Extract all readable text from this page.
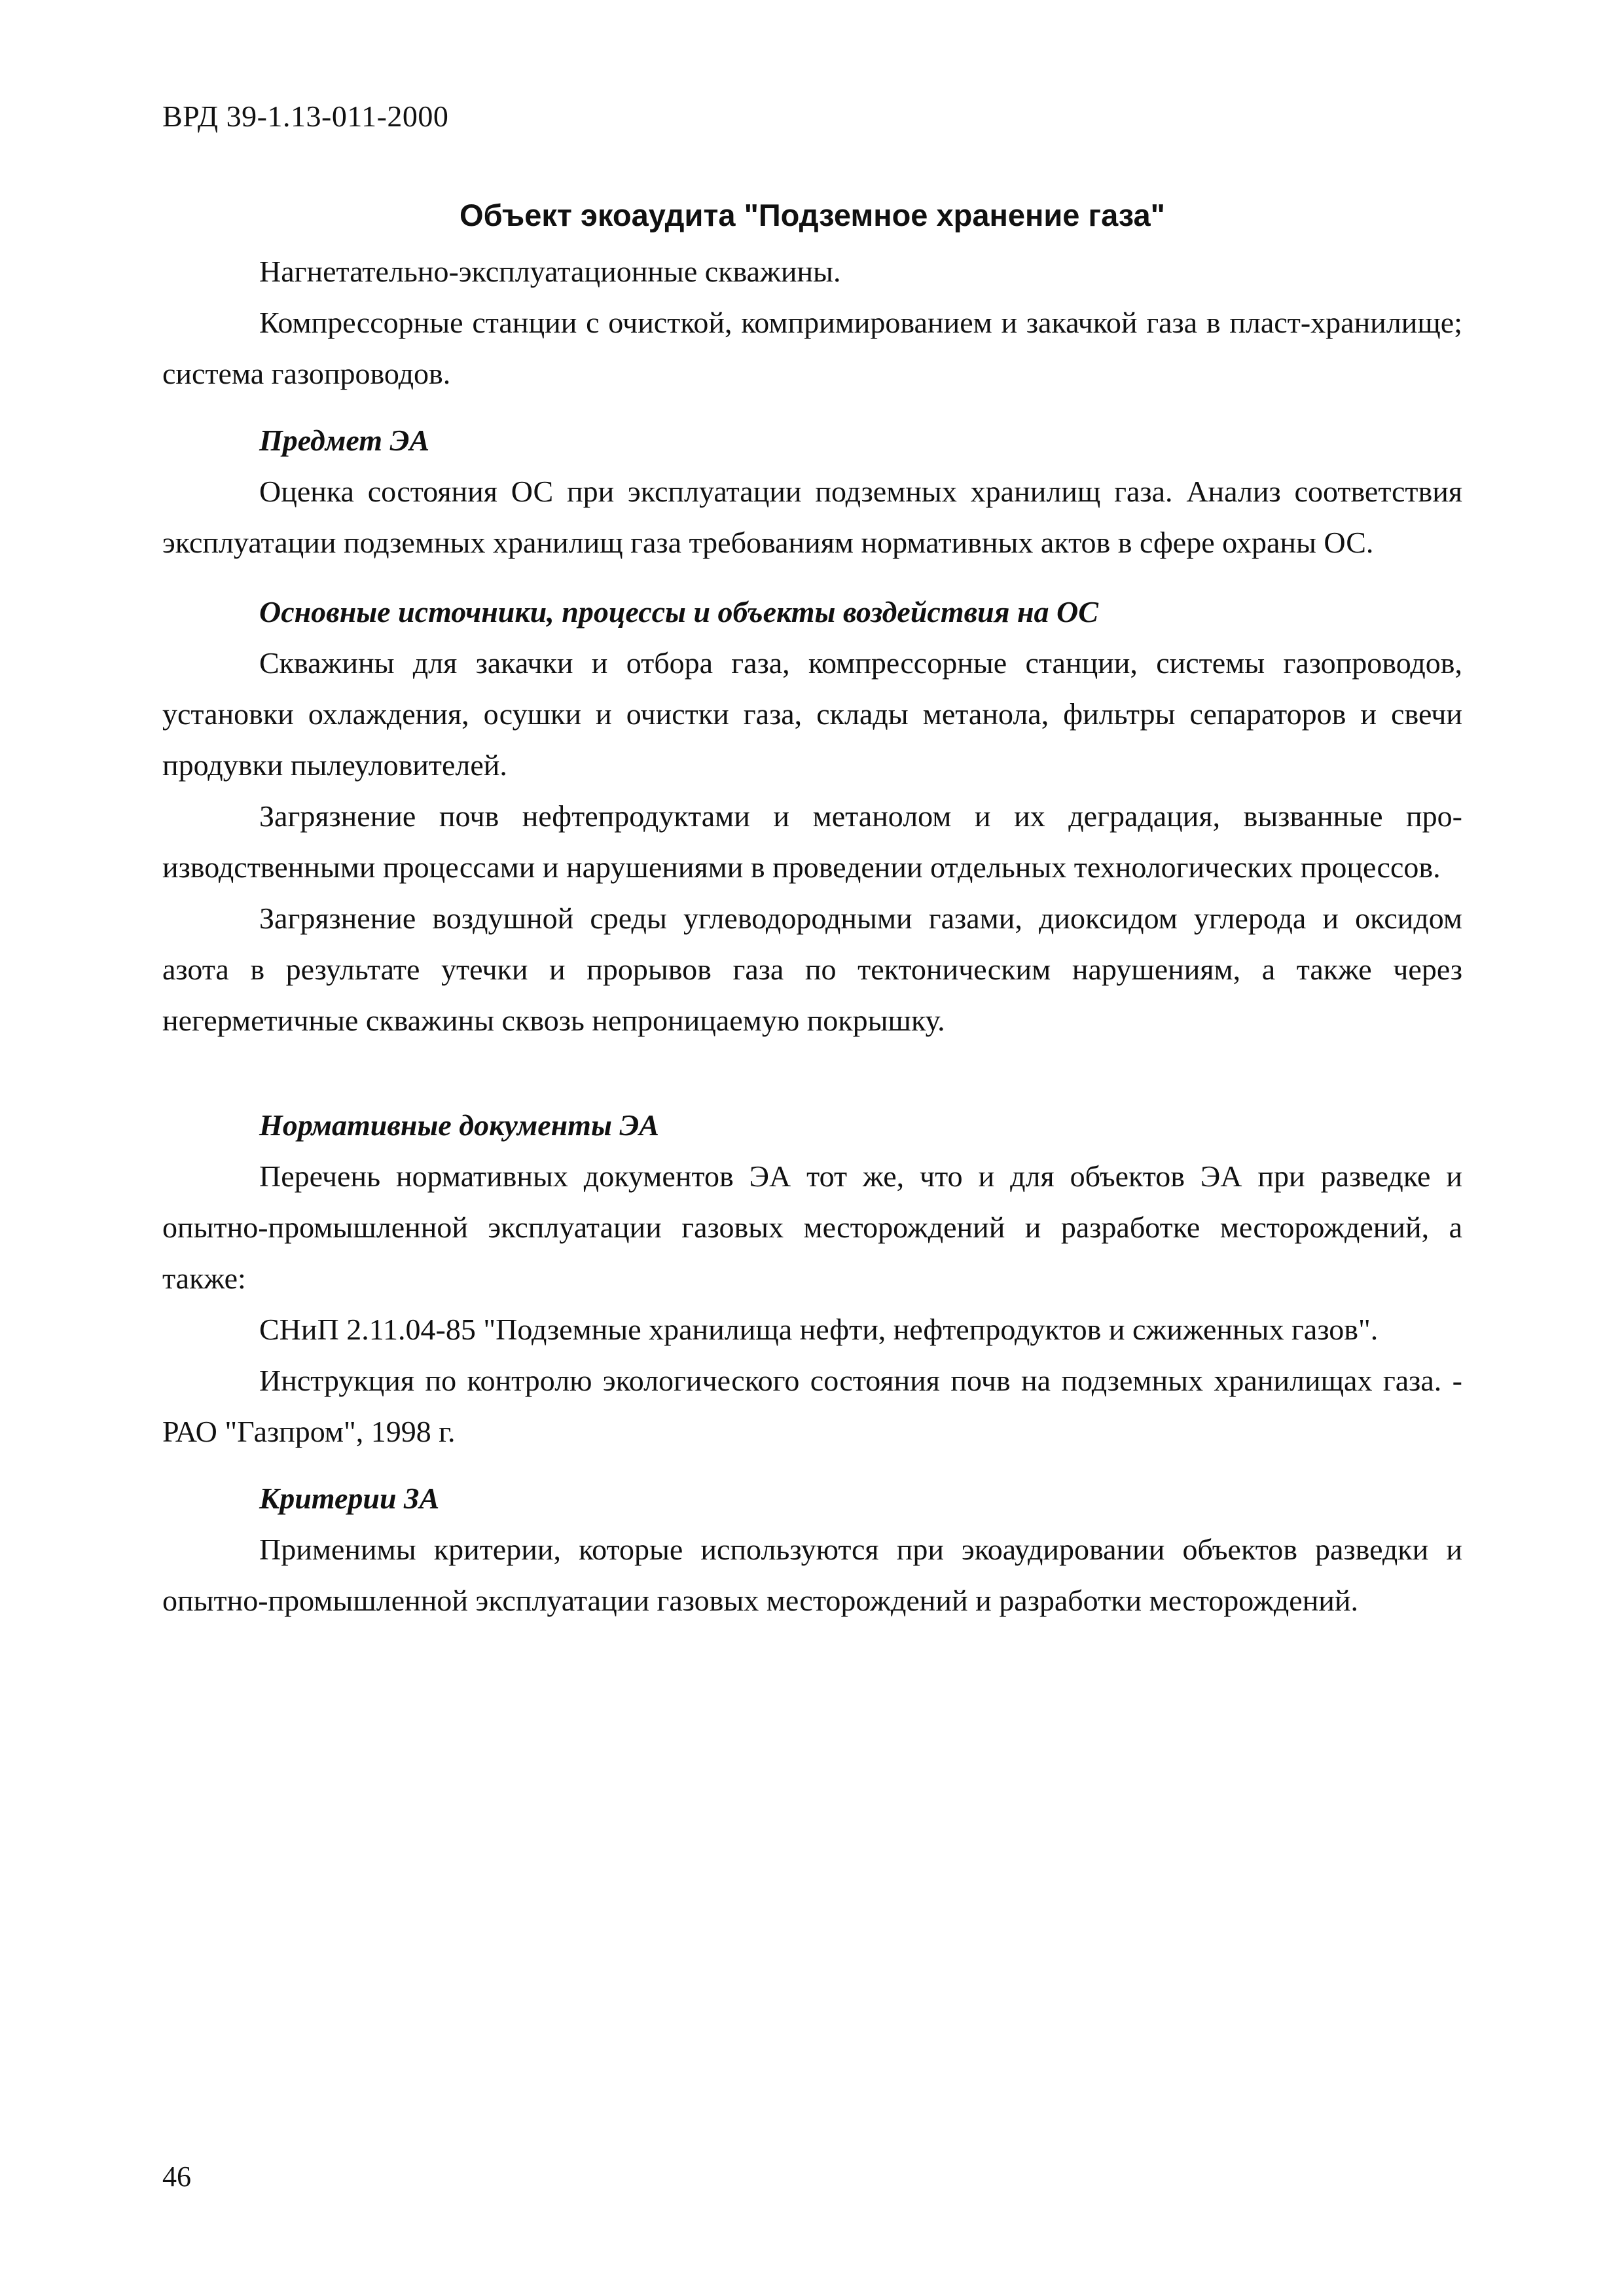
ВРД 39-1.13-011-2000
Объект экоаудита "Подземное хранение газа"

Нагнетательно-эксплуатационные скважины.

Компрессорные станции с очисткой, компримированием и закачкой газа в пласт-хранилище; система газопроводов.

Предмет ЭА

Оценка состояния ОС при эксплуатации подземных хранилищ газа. Анализ соответствия эксплуатации подземных хранилищ газа требованиям нормативных актов в сфере охраны ОС.

Основные источники, процессы и объекты воздействия на ОС

Скважины для закачки и отбора газа, компрессорные станции, системы газопроводов, установки охлаждения, осушки и очистки газа, склады метанола, фильтры сепараторов и свечи продувки пылеуловителей.

Загрязнение почв нефтепродуктами и метанолом и их деградация, вызванные производственными процессами и нарушениями в проведении отдельных технологических процессов.

Загрязнение воздушной среды углеводородными газами, диоксидом углерода и оксидом азота в результате утечки и прорывов газа по тектоническим нарушениям, а также через негерметичные скважины сквозь непроницаемую покрышку.

Нормативные документы ЭА

Перечень нормативных документов ЭА тот же, что и для объектов ЭА при разведке и опытно-промышленной эксплуатации газовых месторождений и разработке месторождений, а также:

СНиП 2.11.04-85 "Подземные хранилища нефти, нефтепродуктов и сжиженных газов".

Инструкция по контролю экологического состояния почв на подземных хранилищах газа. - РАО "Газпром", 1998 г.

Критерии ЗА

Применимы критерии, которые используются при экоаудировании объектов разведки и опытно-промышленной эксплуатации газовых месторождений и разработки месторождений.

46
